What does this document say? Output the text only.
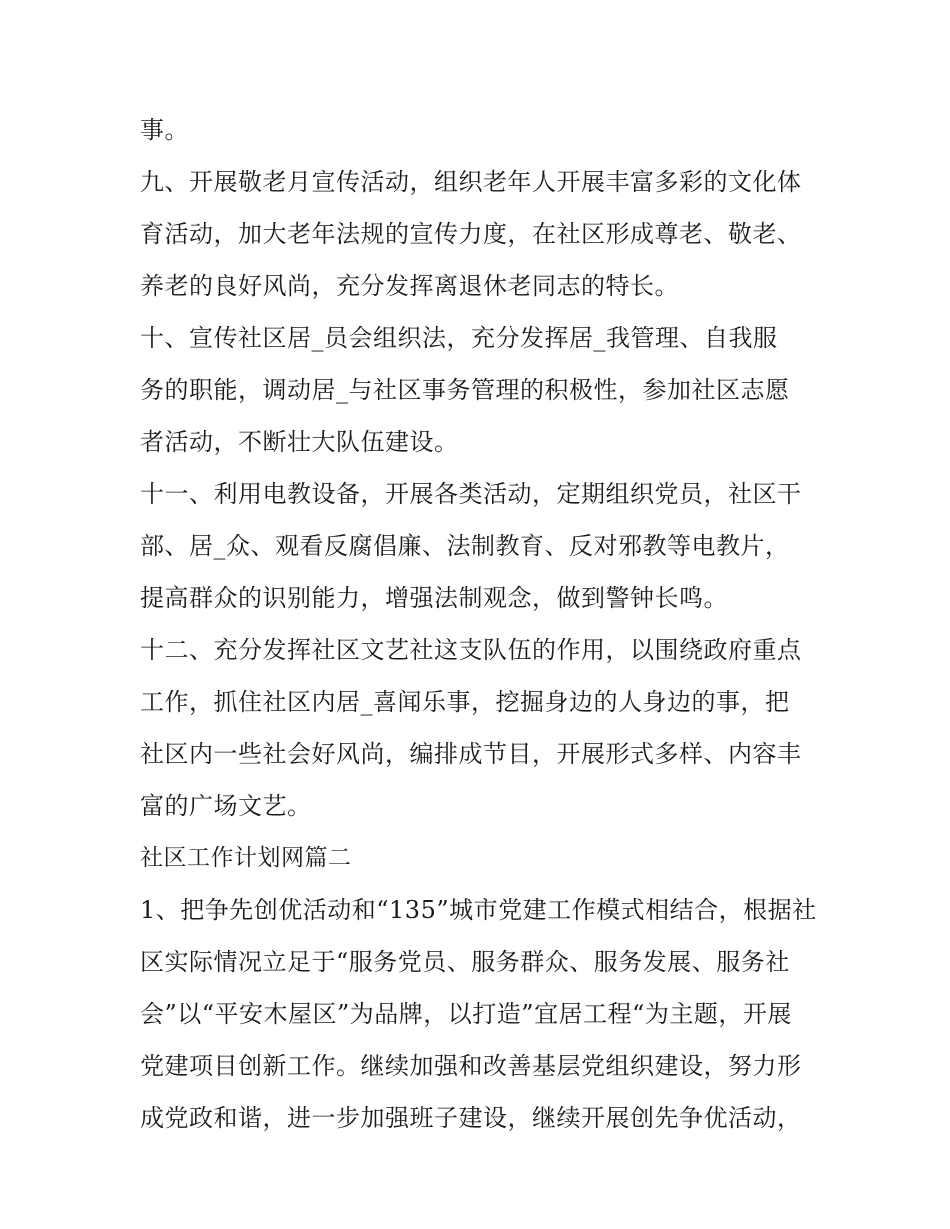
事。
九、开展敬老月宣传活动，组织老年人开展丰富多彩的文化体
育活动，加大老年法规的宣传力度，在社区形成尊老、敬老、
养老的良好风尚，充分发挥离退休老同志的特长。
十、宣传社区居_员会组织法，充分发挥居_我管理、自我服
务的职能，调动居_与社区事务管理的积极性，参加社区志愿
者活动，不断壮大队伍建设。
十一、利用电教设备，开展各类活动，定期组织党员，社区干
部、居_众、观看反腐倡廉、法制教育、反对邪教等电教片，
提高群众的识别能力，增强法制观念，做到警钟长鸣。
十二、充分发挥社区文艺社这支队伍的作用，以围绕政府重点
工作，抓住社区内居_喜闻乐事，挖掘身边的人身边的事，把
社区内一些社会好风尚，编排成节目，开展形式多样、内容丰
富的广场文艺。
社区工作计划网篇二
1、把争先创优活动和“135”城市党建工作模式相结合，根据社
区实际情况立足于“服务党员、服务群众、服务发展、服务社
会”以“平安木屋区”为品牌，以打造”宜居工程“为主题，开展
党建项目创新工作。继续加强和改善基层党组织建设，努力形
成党政和谐，进一步加强班子建设，继续开展创先争优活动，
